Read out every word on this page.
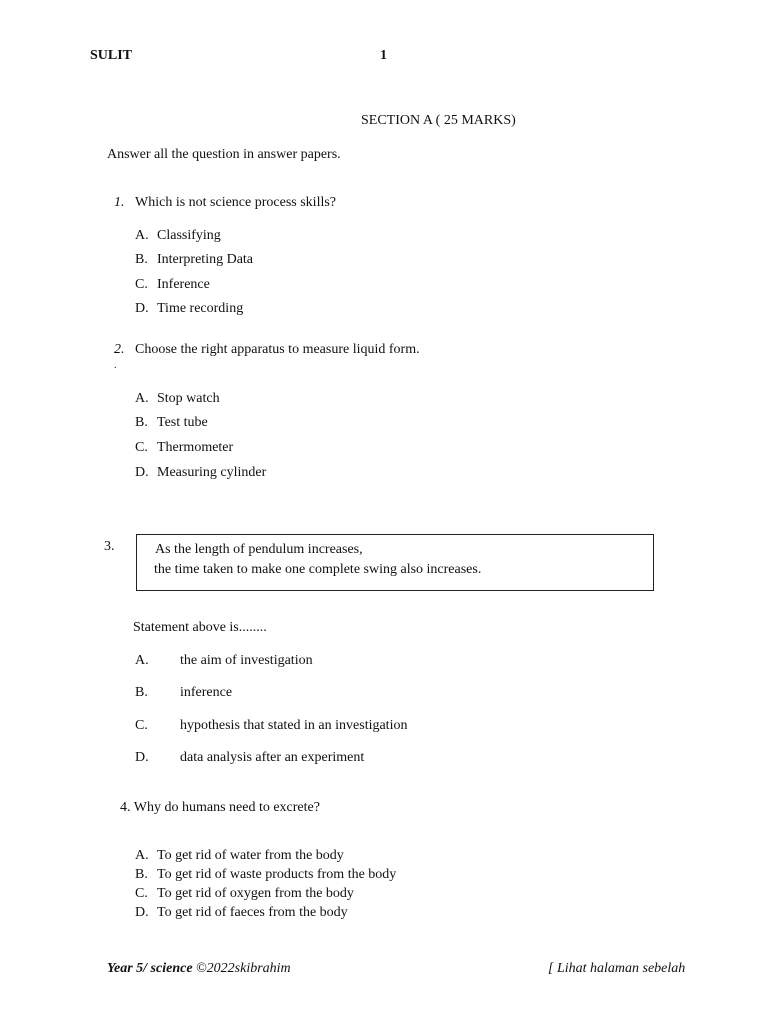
SULIT	1
SECTION A ( 25 MARKS)
Answer all the question in answer papers.
1. Which is not science process skills?
A. Classifying
B. Interpreting Data
C. Inference
D. Time recording
2. Choose the right apparatus to measure liquid form.
.
A. Stop watch
B. Test tube
C. Thermometer
D. Measuring cylinder
3.	As the length of pendulum increases,
the time taken to make one complete swing also increases.
Statement above is........
A. the aim of investigation
B. inference
C. hypothesis that stated in an investigation
D. data analysis after an experiment
4. Why do humans need to excrete?
A. To get rid of water from the body
B. To get rid of waste products from the body
C. To get rid of oxygen from the body
D. To get rid of faeces from the body
Year 5/ science ©2022skibrahim	[ Lihat halaman sebelah
